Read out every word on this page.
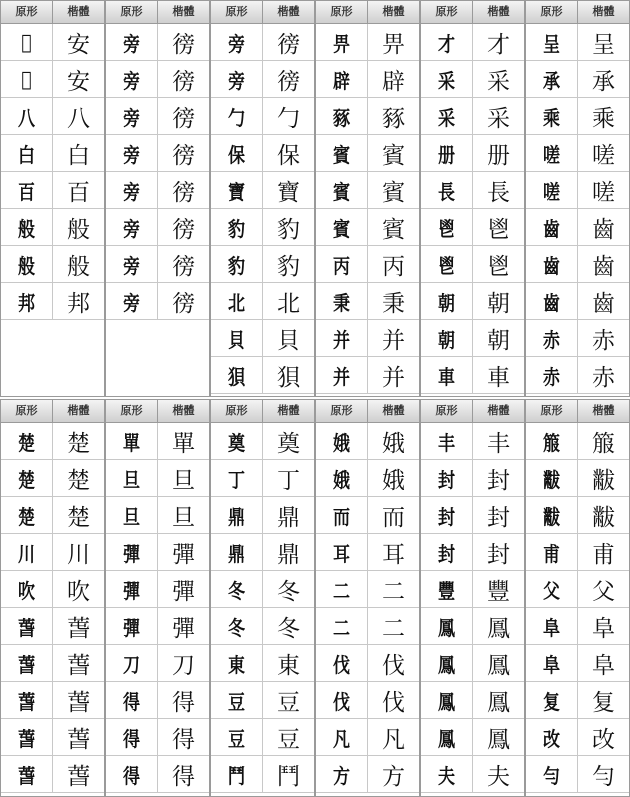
原形	楷體
𠆠	安
𠆠	安
八	八
白	白
百	百
般	般
般	般
邦	邦
原形	楷體
旁	徬
旁	徬
旁	徬
旁	徬
旁	徬
旁	徬
旁	徬
旁	徬
原形	楷體
旁	徬
旁	徬
勹	勹
保	保
寶	寶
豹	豹
豹	豹
北	北
貝	貝
狽	狽
原形	楷體
畀	畀
辟	辟
豩	豩
賓	賓
賓	賓
賓	賓
丙	丙
秉	秉
并	并
并	并
原形	楷體
才	才
采	采
采	采
册	册
長	長
鬯	鬯
鬯	鬯
朝	朝
朝	朝
車	車
原形	楷體
呈	呈
承	承
乘	乘
嗟	嗟
嗟	嗟
齒	齒
齒	齒
齒	齒
赤	赤
赤	赤
原形	楷體
楚	楚
楚	楚
楚	楚
川	川
吹	吹
萅	萅
萅	萅
萅	萅
萅	萅
萅	萅
原形	楷體
單	單
旦	旦
旦	旦
彈	彈
彈	彈
彈	彈
刀	刀
得	得
得	得
得	得
原形	楷體
奠	奠
丁	丁
鼎	鼎
鼎	鼎
冬	冬
冬	冬
東	東
豆	豆
豆	豆
鬥	鬥
原形	楷體
娥	娥
娥	娥
而	而
耳	耳
二	二
二	二
伐	伐
伐	伐
凡	凡
方	方
原形	楷體
丰	丰
封	封
封	封
封	封
豐	豐
鳳	鳳
鳳	鳳
鳳	鳳
鳳	鳳
夫	夫
原形	楷體
箙	箙
黻	黻
黻	黻
甫	甫
父	父
阜	阜
阜	阜
复	复
改	改
勻	勻
